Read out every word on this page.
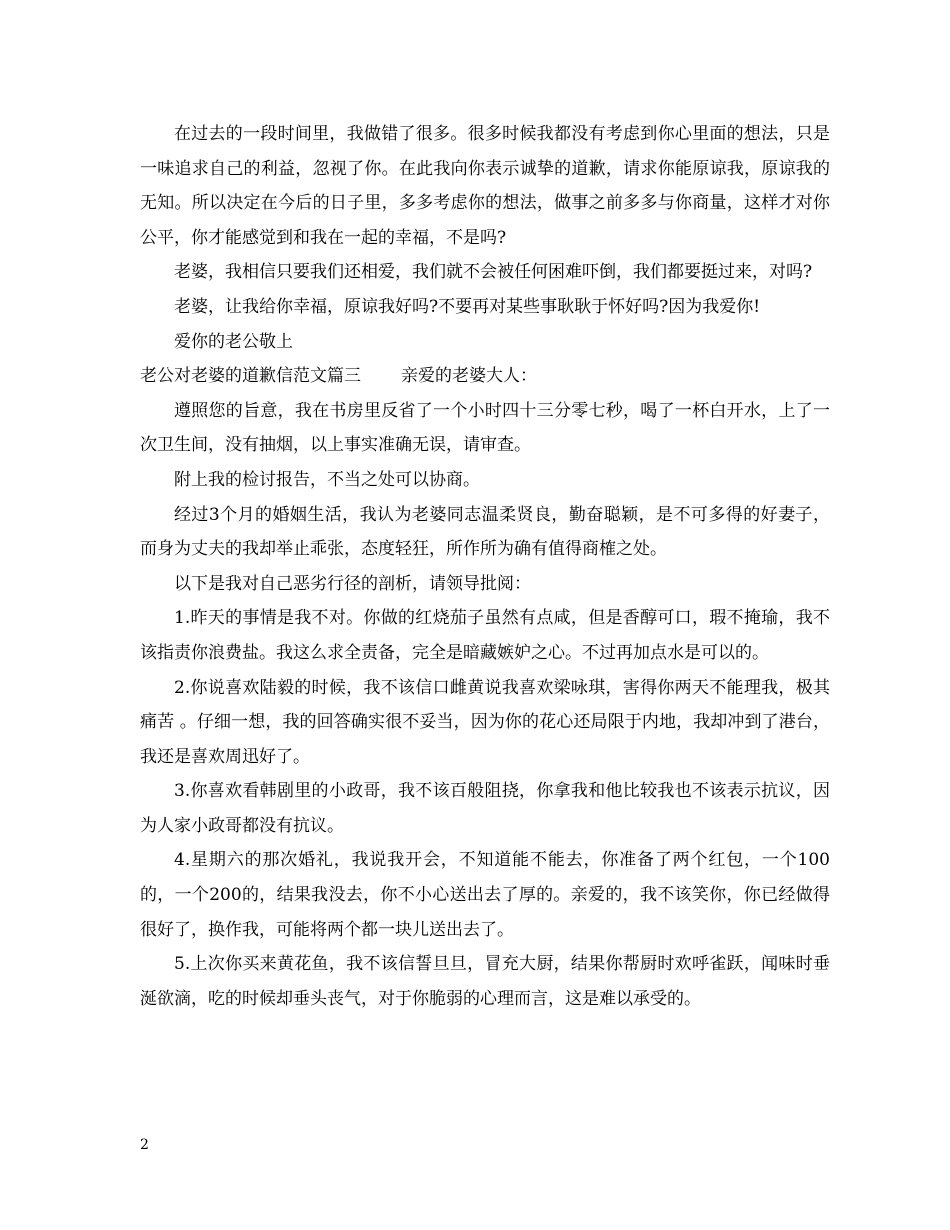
在过去的一段时间里，我做错了很多。很多时候我都没有考虑到你心里面的想法，只是一味追求自己的利益，忽视了你。在此我向你表示诚挚的道歉，请求你能原谅我，原谅我的无知。所以决定在今后的日子里，多多考虑你的想法，做事之前多多与你商量，这样才对你公平，你才能感觉到和我在一起的幸福，不是吗?

老婆，我相信只要我们还相爱，我们就不会被任何困难吓倒，我们都要挺过来，对吗?

老婆，让我给你幸福，原谅我好吗?不要再对某些事耿耿于怀好吗?因为我爱你!

爱你的老公敬上

老公对老婆的道歉信范文篇三 亲爱的老婆大人：

遵照您的旨意，我在书房里反省了一个小时四十三分零七秒，喝了一杯白开水，上了一次卫生间，没有抽烟，以上事实准确无误，请审查。

附上我的检讨报告，不当之处可以协商。

经过3个月的婚姻生活，我认为老婆同志温柔贤良，勤奋聪颖，是不可多得的好妻子，而身为丈夫的我却举止乖张，态度轻狂，所作所为确有值得商榷之处。

以下是我对自己恶劣行径的剖析，请领导批阅：

1.昨天的事情是我不对。你做的红烧茄子虽然有点咸，但是香醇可口，瑕不掩瑜，我不该指责你浪费盐。我这么求全责备，完全是暗藏嫉妒之心。不过再加点水是可以的。

2.你说喜欢陆毅的时候，我不该信口雌黄说我喜欢梁咏琪，害得你两天不能理我，极其痛苦 。仔细一想，我的回答确实很不妥当，因为你的花心还局限于内地，我却冲到了港台，我还是喜欢周迅好了。

3.你喜欢看韩剧里的小政哥，我不该百般阻挠，你拿我和他比较我也不该表示抗议，因为人家小政哥都没有抗议。

4.星期六的那次婚礼，我说我开会，不知道能不能去，你准备了两个红包，一个100的，一个200的，结果我没去，你不小心送出去了厚的。亲爱的，我不该笑你，你已经做得很好了，换作我，可能将两个都一块儿送出去了。

5.上次你买来黄花鱼，我不该信誓旦旦，冒充大厨，结果你帮厨时欢呼雀跃，闻味时垂涎欲滴，吃的时候却垂头丧气，对于你脆弱的心理而言，这是难以承受的。

2
